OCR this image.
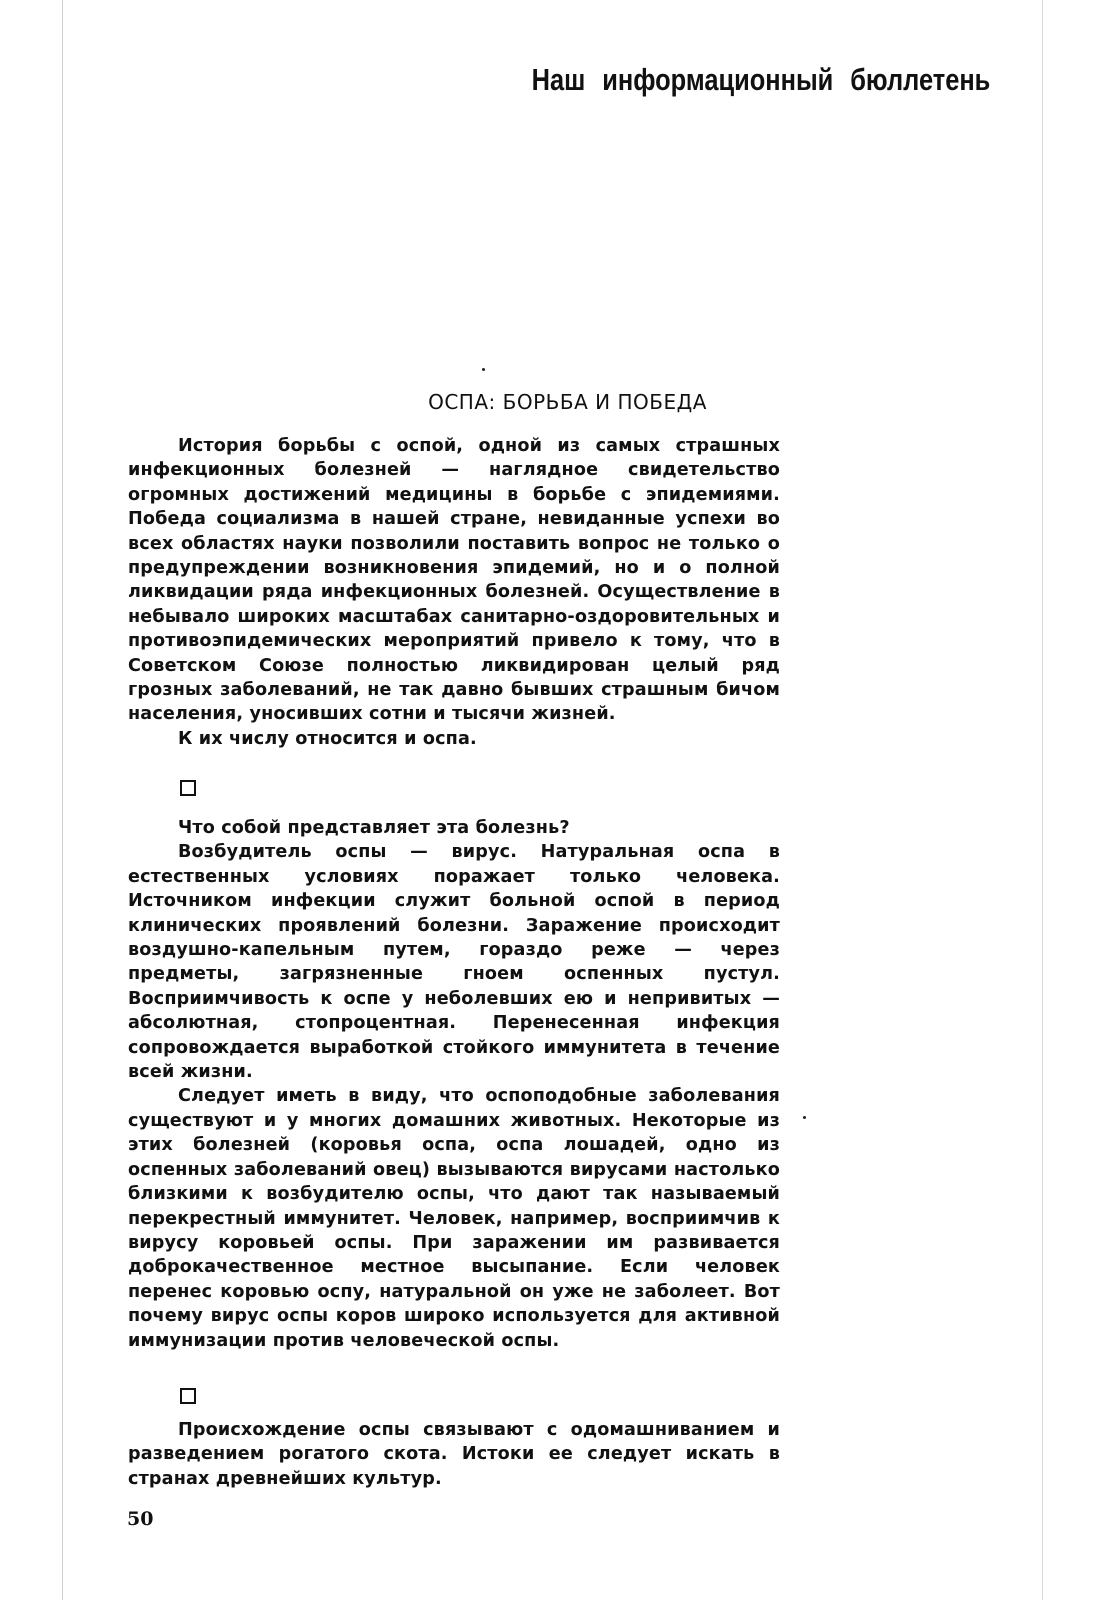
Наш информационный бюллетень
ОСПА: БОРЬБА И ПОБЕДА

История борьбы с оспой, одной из самых страшных инфекционных болезней — наглядное свидетельство огромных достижений медицины в борьбе с эпидемиями. Победа социализма в нашей стране, невиданные успехи во всех областях науки позволили поставить вопрос не только о предупреждении возникновения эпидемий, но и о полной ликвидации ряда инфекционных болезней. Осуществление в небывало широких масштабах санитарно-оздоровительных и противоэпидемических мероприятий привело к тому, что в Советском Союзе полностью ликвидирован целый ряд грозных заболеваний, не так давно бывших страшным бичом населения, уносивших сотни и тысячи жизней.

К их числу относится и оспа.

Что собой представляет эта болезнь?

Возбудитель оспы — вирус. Натуральная оспа в естественных условиях поражает только человека. Источником инфекции служит больной оспой в период клинических проявлений болезни. Заражение происходит воздушно-капельным путем, гораздо реже — через предметы, загрязненные гноем оспенных пустул. Восприимчивость к оспе у неболевших ею и непривитых — абсолютная, стопроцентная. Перенесенная инфекция сопровождается выработкой стойкого иммунитета в течение всей жизни.

Следует иметь в виду, что оспоподобные заболевания существуют и у многих домашних животных. Некоторые из этих болезней (коровья оспа, оспа лошадей, одно из оспенных заболеваний овец) вызываются вирусами настолько близкими к возбудителю оспы, что дают так называемый перекрестный иммунитет. Человек, например, восприимчив к вирусу коровьей оспы. При заражении им развивается доброкачественное местное высыпание. Если человек перенес коровью оспу, натуральной он уже не заболеет. Вот почему вирус оспы коров широко используется для активной иммунизации против человеческой оспы.

Происхождение оспы связывают с одомашниванием и разведением рогатого скота. Истоки ее следует искать в странах древнейших культур.

50
